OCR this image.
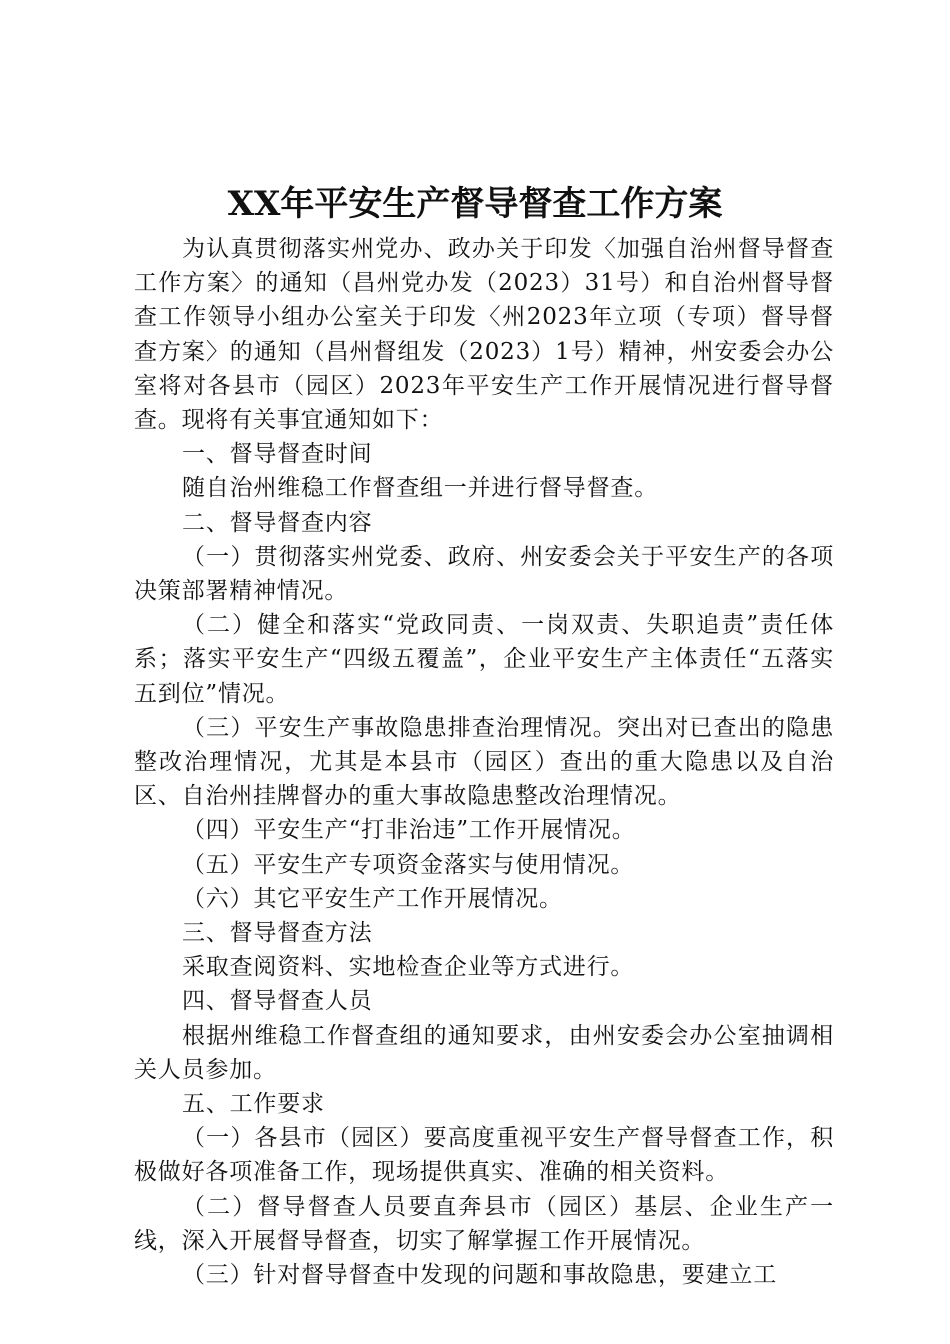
XX年平安生产督导督查工作方案

为认真贯彻落实州党办、政办关于印发〈加强自治州督导督查工作方案〉的通知（昌州党办发（2023）31号）和自治州督导督查工作领导小组办公室关于印发〈州2023年立项（专项）督导督查方案〉的通知（昌州督组发（2023）1号）精神，州安委会办公室将对各县市（园区）2023年平安生产工作开展情况进行督导督查。现将有关事宜通知如下：

一、督导督查时间

随自治州维稳工作督查组一并进行督导督查。

二、督导督查内容

（一）贯彻落实州党委、政府、州安委会关于平安生产的各项决策部署精神情况。

（二）健全和落实“党政同责、一岗双责、失职追责”责任体系；落实平安生产“四级五覆盖”，企业平安生产主体责任“五落实五到位”情况。

（三）平安生产事故隐患排查治理情况。突出对已查出的隐患整改治理情况，尤其是本县市（园区）查出的重大隐患以及自治区、自治州挂牌督办的重大事故隐患整改治理情况。

（四）平安生产“打非治违”工作开展情况。

（五）平安生产专项资金落实与使用情况。

（六）其它平安生产工作开展情况。

三、督导督查方法

采取查阅资料、实地检查企业等方式进行。

四、督导督查人员

根据州维稳工作督查组的通知要求，由州安委会办公室抽调相关人员参加。

五、工作要求

（一）各县市（园区）要高度重视平安生产督导督查工作，积极做好各项准备工作，现场提供真实、准确的相关资料。

（二）督导督查人员要直奔县市（园区）基层、企业生产一线，深入开展督导督查，切实了解掌握工作开展情况。

（三）针对督导督查中发现的问题和事故隐患，要建立工
